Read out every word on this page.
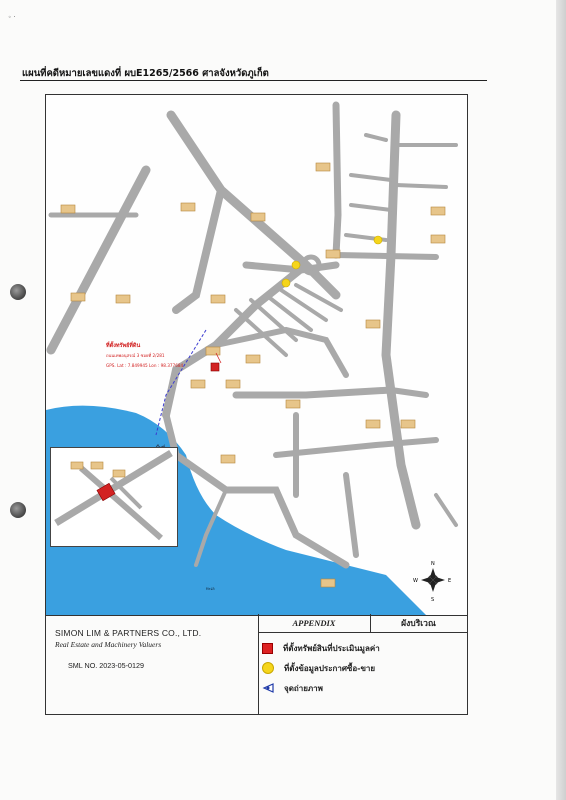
◦ ·
แผนที่คดีหมายเลขแดงที่ ผบE1265/2566 ศาลจังหวัดภูเก็ต
ที่ตั้งทรัพย์ที่ดิน
ถนนเทพอนุสรณ์ 3 ซอยที่ 2/281
GPS. Lat : 7.849945 Lon : 98.377684
N
S
W	E
ทะเล
SIMON LIM & PARTNERS CO., LTD.
Real Estate and Machinery Valuers
SML NO. 2023-05-0129
APPENDIX	ผังบริเวณ
ที่ตั้งทรัพย์สินที่ประเมินมูลค่า
ที่ตั้งข้อมูลประกาศซื้อ-ขาย
จุดถ่ายภาพ
